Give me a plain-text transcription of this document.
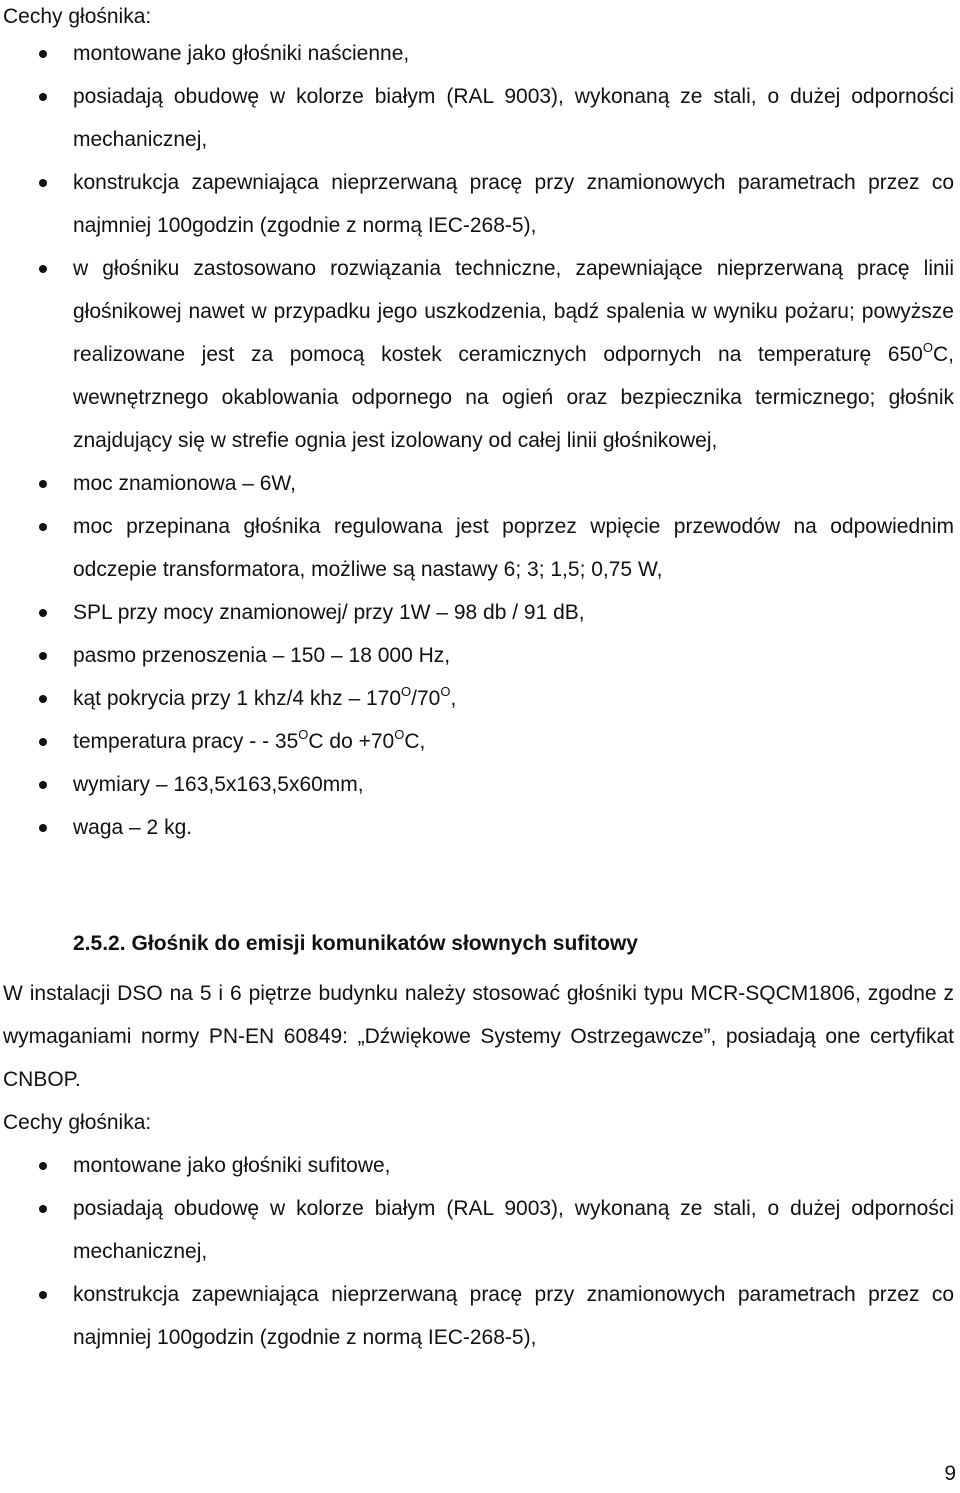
Cechy głośnika:

montowane jako głośniki naścienne,
posiadają obudowę w kolorze białym (RAL 9003), wykonaną ze stali, o dużej odporności mechanicznej,
konstrukcja zapewniająca nieprzerwaną pracę przy znamionowych parametrach przez co najmniej 100godzin (zgodnie z normą IEC-268-5),
w głośniku zastosowano rozwiązania techniczne, zapewniające nieprzerwaną pracę linii głośnikowej nawet w przypadku jego uszkodzenia, bądź spalenia w wyniku pożaru; powyższe realizowane jest za pomocą kostek ceramicznych odpornych na temperaturę $650^OC$, wewnętrznego okablowania odpornego na ogień oraz bezpiecznika termicznego; głośnik znajdujący się w strefie ognia jest izolowany od całej linii głośnikowej,
moc znamionowa – 6W,
moc przepinana głośnika regulowana jest poprzez wpięcie przewodów na odpowiednim odczepie transformatora, możliwe są nastawy 6; 3; 1,5; 0,75 W,
SPL przy mocy znamionowej/ przy 1W – 98 db / 91 dB,
pasmo przenoszenia – 150 – 18 000 Hz,
kąt pokrycia przy 1 khz/4 khz – $170^O/70^O$,
temperatura pracy - - $35^OC$ do $+70^OC$,
wymiary – 163,5x163,5x60mm,
waga – 2 kg.
2.5.2. Głośnik do emisji komunikatów słownych sufitowy

W instalacji DSO na 5 i 6 piętrze budynku należy stosować głośniki typu MCR-SQCM1806, zgodne z wymaganiami normy PN-EN 60849: „Dźwiękowe Systemy Ostrzegawcze”, posiadają one certyfikat CNBOP.

Cechy głośnika:

montowane jako głośniki sufitowe,
posiadają obudowę w kolorze białym (RAL 9003), wykonaną ze stali, o dużej odporności mechanicznej,
konstrukcja zapewniająca nieprzerwaną pracę przy znamionowych parametrach przez co najmniej 100godzin (zgodnie z normą IEC-268-5),
9
